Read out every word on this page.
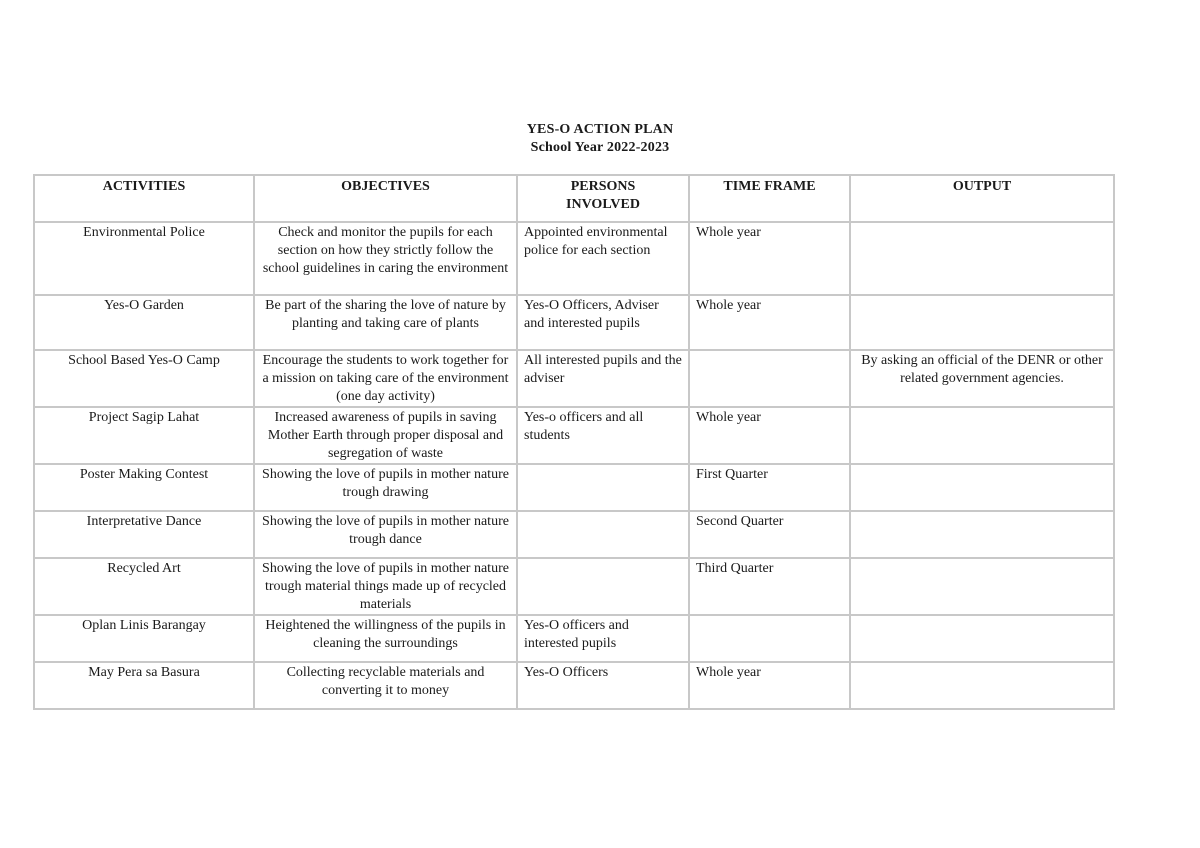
YES-O ACTION PLAN
School Year 2022-2023
ACTIVITIES	OBJECTIVES	PERSONS INVOLVED	TIME FRAME	OUTPUT
Environmental Police	Check and monitor the pupils for each section on how they strictly follow the school guidelines in caring the environment	Appointed environmental police for each section	Whole year	
Yes-O Garden	Be part of the sharing the love of nature by planting and taking care of plants	Yes-O Officers, Adviser and interested pupils	Whole year	
School Based Yes-O Camp	Encourage the students to work together for a mission on taking care of the environment (one day activity)	All interested pupils and the adviser		By asking an official of the DENR or other related government agencies.
Project Sagip Lahat	Increased awareness of pupils in saving Mother Earth through proper disposal and segregation of waste	Yes-o officers and all students	Whole year	
Poster Making Contest	Showing the love of pupils in mother nature trough drawing		First Quarter	
Interpretative Dance	Showing the love of pupils in mother nature trough dance		Second Quarter	
Recycled Art	Showing the love of pupils in mother nature trough material things made up of recycled materials		Third Quarter	
Oplan Linis Barangay	Heightened the willingness of the pupils in cleaning the surroundings	Yes-O officers and interested pupils		
May Pera sa Basura	Collecting recyclable materials and converting it to money	Yes-O Officers	Whole year	
